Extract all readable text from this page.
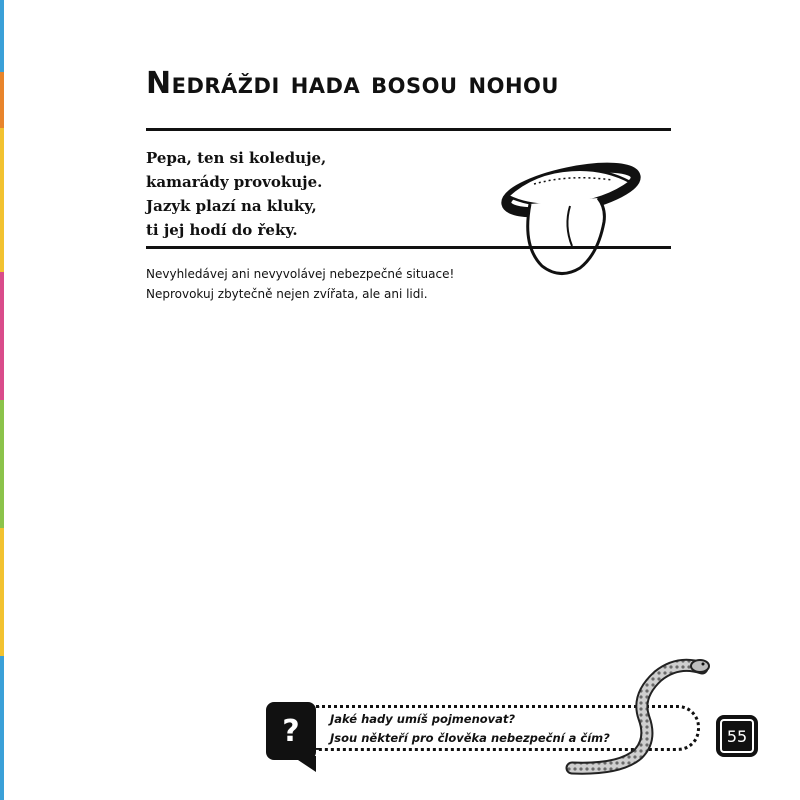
Nedráždi hada bosou nohou

Pepa, ten si koleduje,
kamarády provokuje.
Jazyk plazí na kluky,
ti jej hodí do řeky.

Nevyhledávej ani nevyvolávej nebezpečné situace!
Neprovokuj zbytečně nejen zvířata, ale ani lidi.

?	Jaké hady umíš pojmenovat?
Jsou někteří pro člověka nebezpeční a čím?	55
